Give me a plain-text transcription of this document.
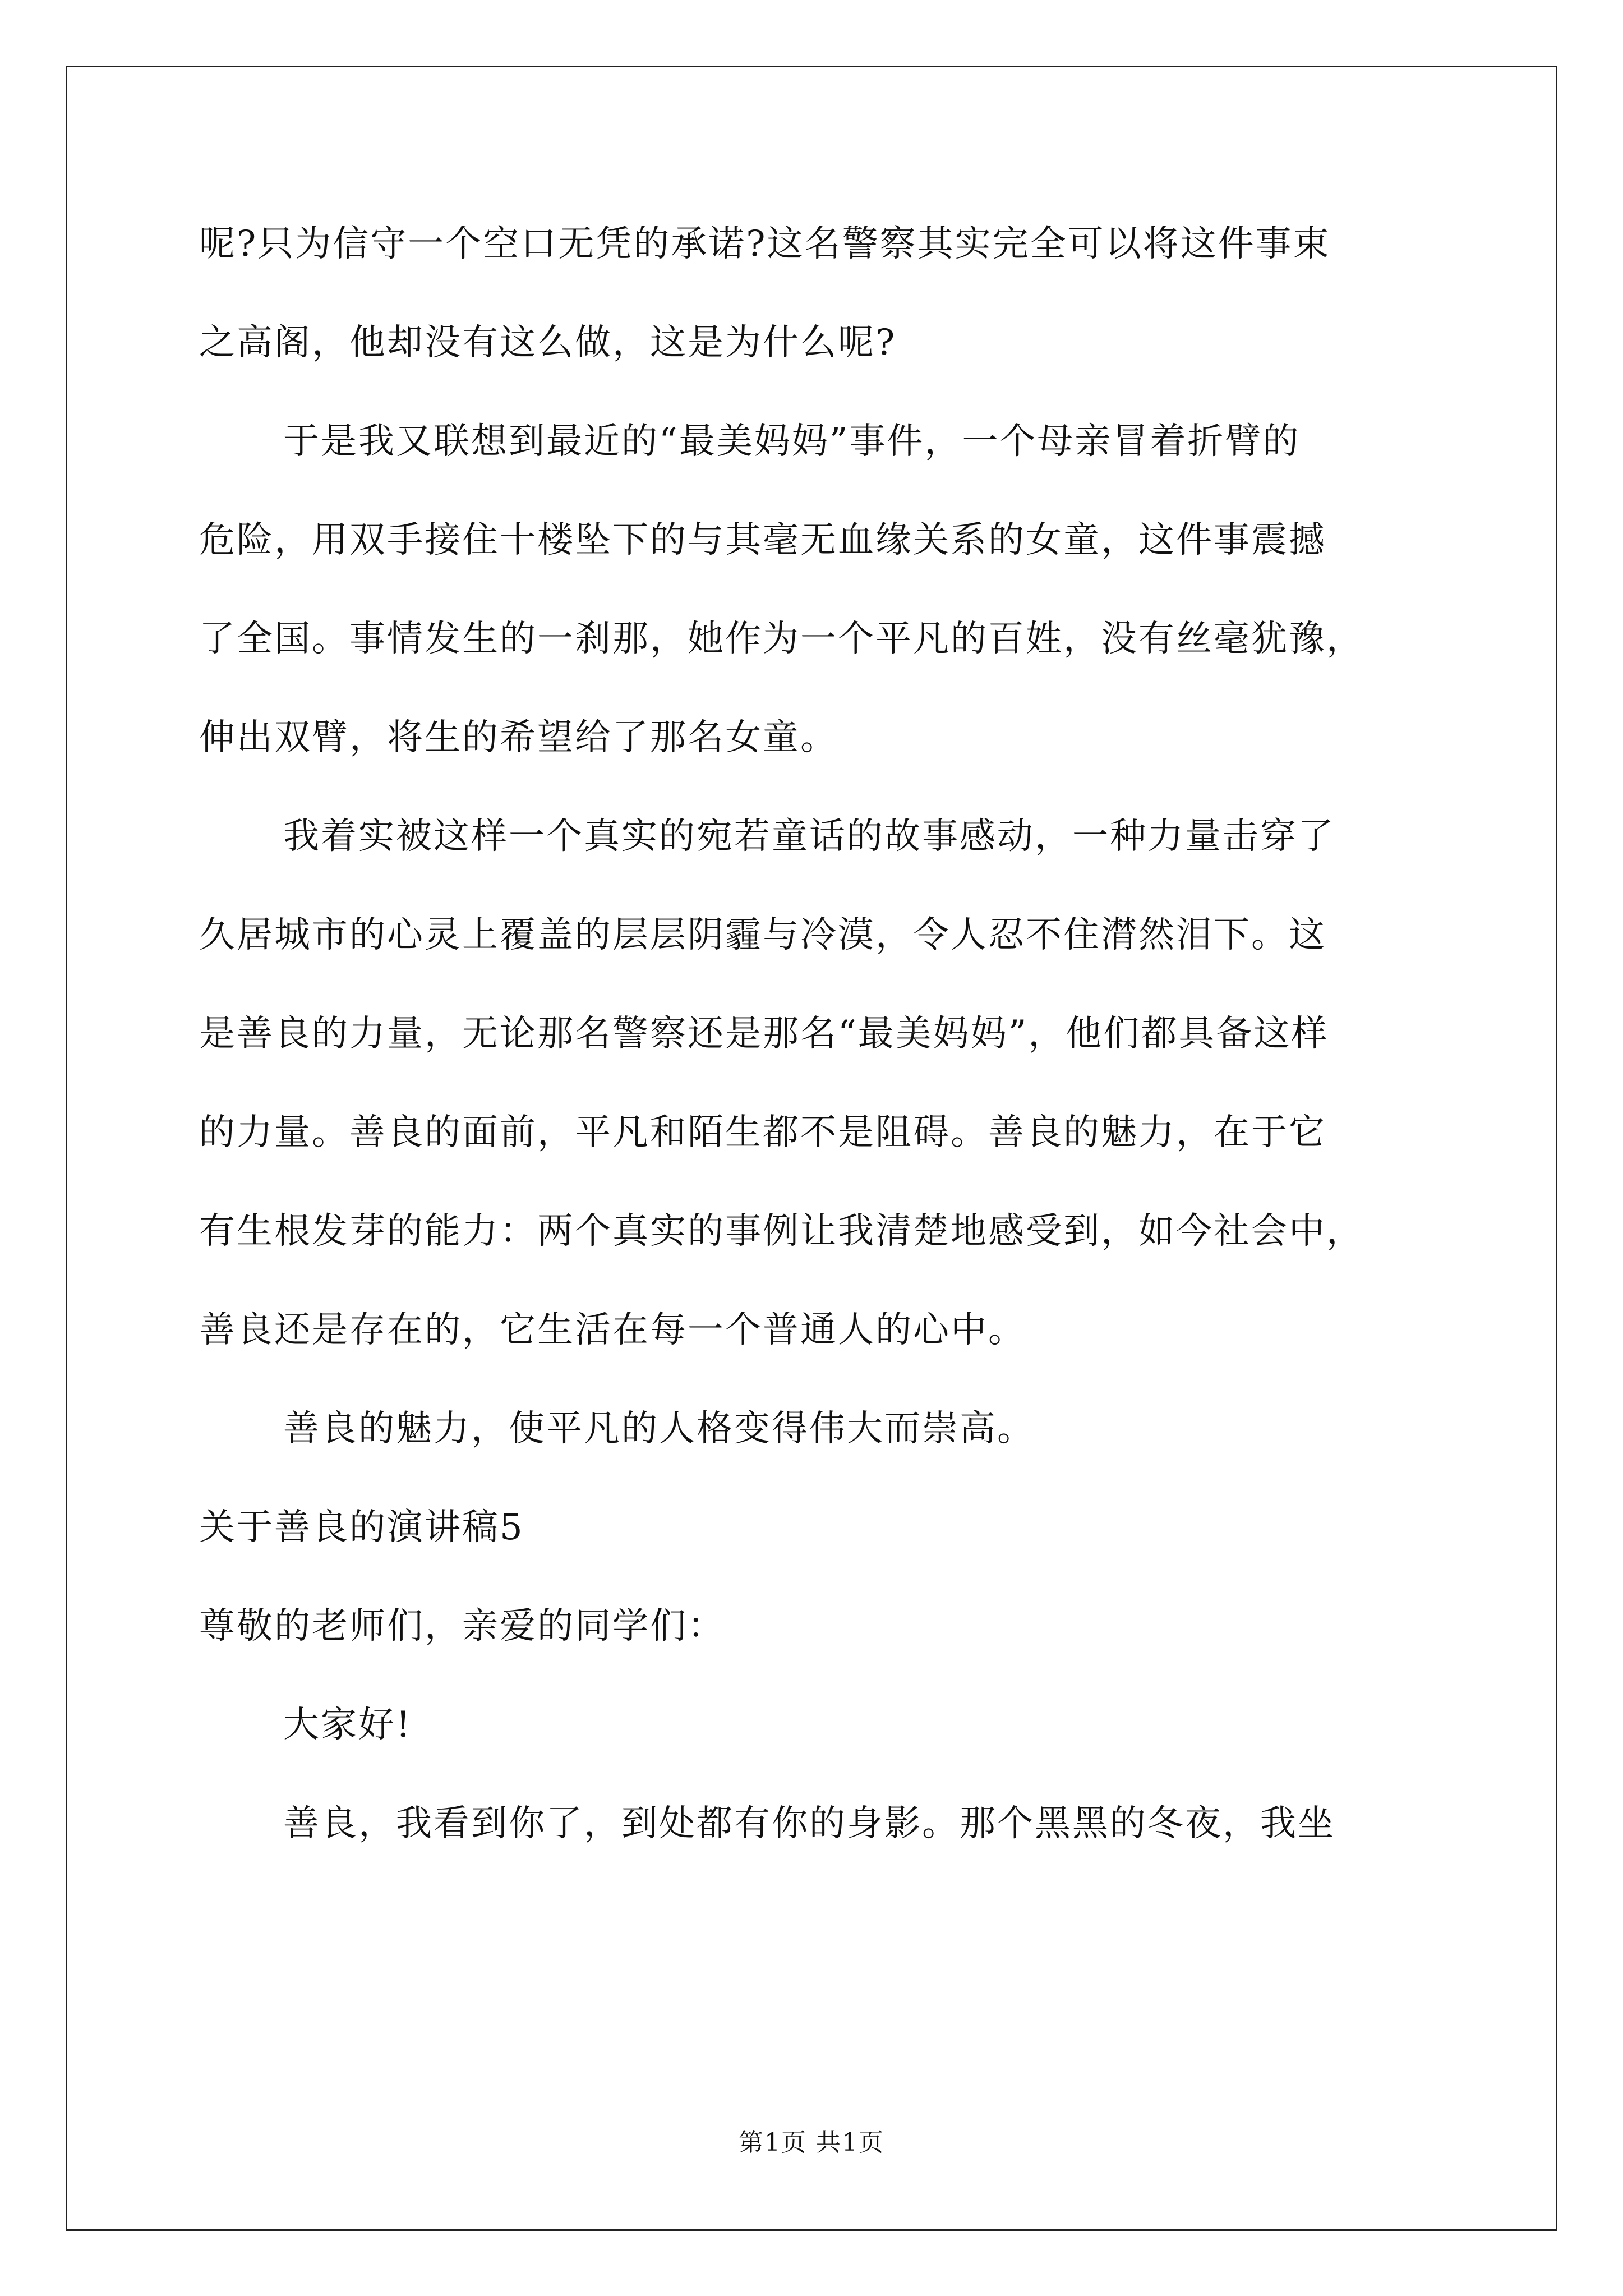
呢?只为信守一个空口无凭的承诺?这名警察其实完全可以将这件事束
之高阁，他却没有这么做，这是为什么呢?
于是我又联想到最近的“最美妈妈”事件，一个母亲冒着折臂的
危险，用双手接住十楼坠下的与其毫无血缘关系的女童，这件事震撼
了全国。事情发生的一刹那，她作为一个平凡的百姓，没有丝毫犹豫，
伸出双臂，将生的希望给了那名女童。
我着实被这样一个真实的宛若童话的故事感动，一种力量击穿了
久居城市的心灵上覆盖的层层阴霾与冷漠，令人忍不住潸然泪下。这
是善良的力量，无论那名警察还是那名“最美妈妈”，他们都具备这样
的力量。善良的面前，平凡和陌生都不是阻碍。善良的魅力，在于它
有生根发芽的能力：两个真实的事例让我清楚地感受到，如今社会中，
善良还是存在的，它生活在每一个普通人的心中。
善良的魅力，使平凡的人格变得伟大而崇高。
关于善良的演讲稿5
尊敬的老师们，亲爱的同学们：
大家好!
善良，我看到你了，到处都有你的身影。那个黑黑的冬夜，我坐
第1页 共1页
